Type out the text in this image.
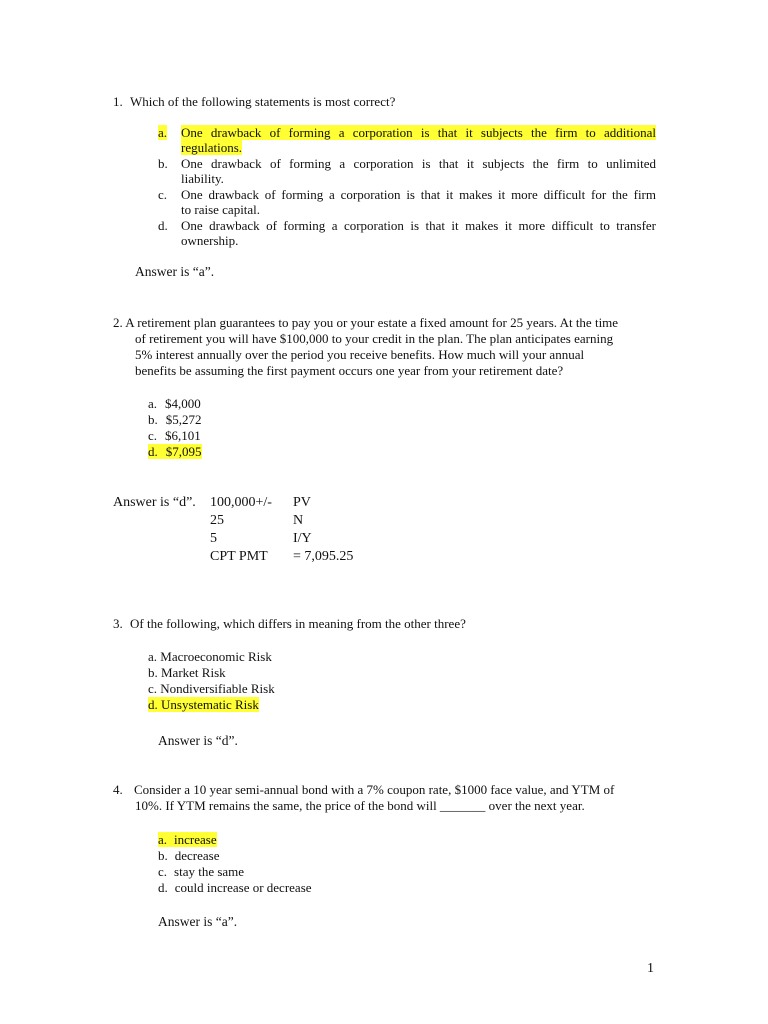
1. Which of the following statements is most correct?
a. One drawback of forming a corporation is that it subjects the firm to additional
regulations.
b. One drawback of forming a corporation is that it subjects the firm to unlimited
liability.
c. One drawback of forming a corporation is that it makes it more difficult for the firm
to raise capital.
d. One drawback of forming a corporation is that it makes it more difficult to transfer
ownership.
Answer is “a”.
2. A retirement plan guarantees to pay you or your estate a fixed amount for 25 years. At the time
of retirement you will have $100,000 to your credit in the plan. The plan anticipates earning
5% interest annually over the period you receive benefits. How much will your annual
benefits be assuming the first payment occurs one year from your retirement date?
a. $4,000
b. $5,272
c. $6,101
d. $7,095
Answer is “d”. 100,000+/- PV
25	N
5	I/Y
CPT PMT = 7,095.25
3. Of the following, which differs in meaning from the other three?
a. Macroeconomic Risk
b. Market Risk
c. Nondiversifiable Risk
d. Unsystematic Risk
Answer is “d”.
4. Consider a 10 year semi-annual bond with a 7% coupon rate, $1000 face value, and YTM of
10%. If YTM remains the same, the price of the bond will _______ over the next year.
a. increase
b. decrease
c. stay the same
d. could increase or decrease
Answer is “a”.
1
